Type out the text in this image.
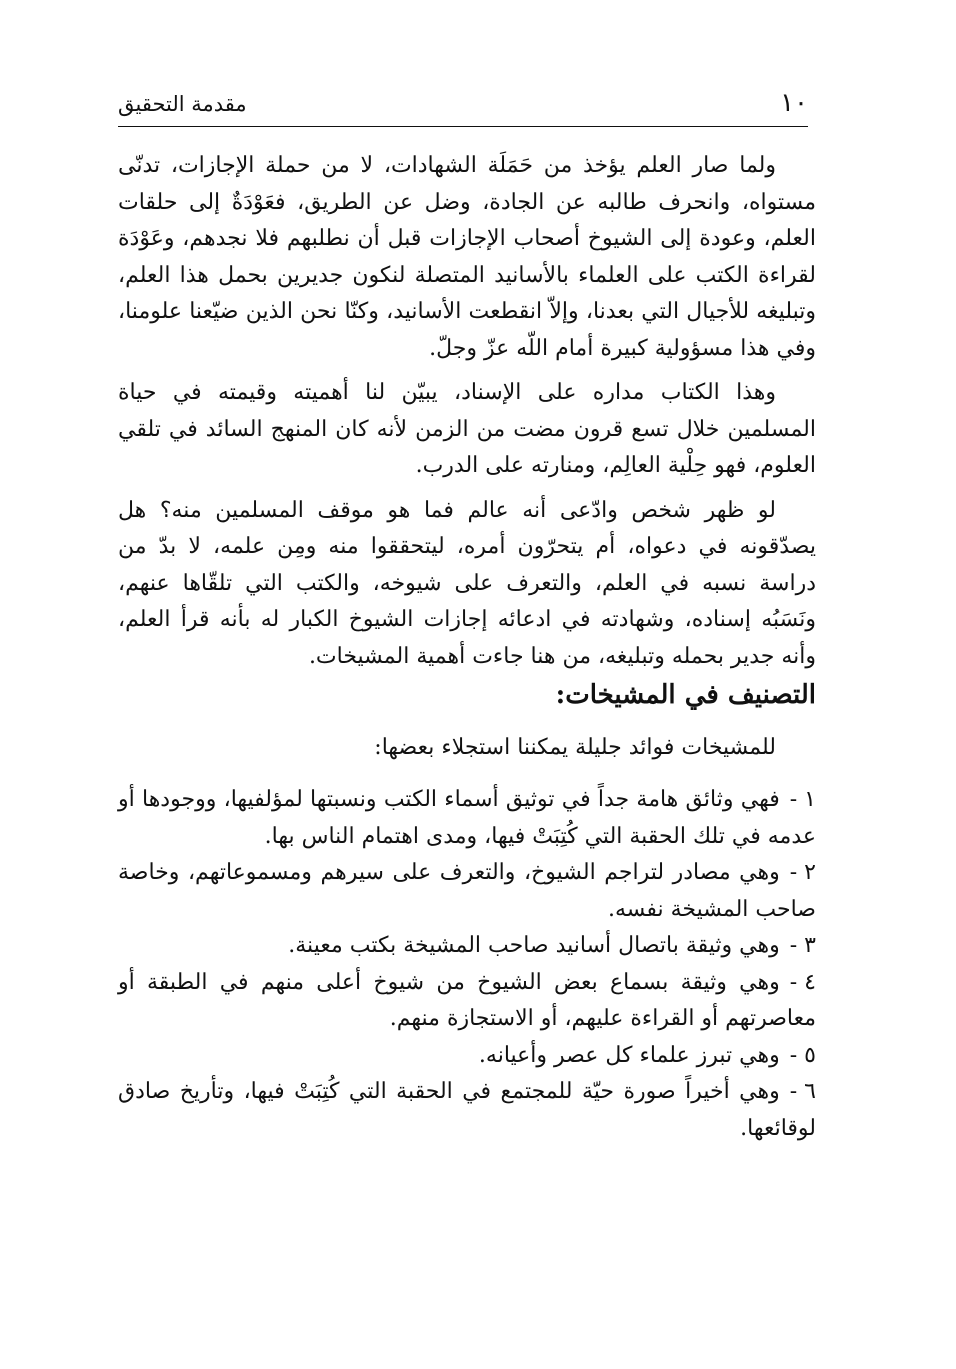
١٠
مقدمة التحقيق

ولما صار العلم يؤخذ من حَمَلَة الشهادات، لا من حملة الإجازات، تدنّى مستواه، وانحرف طالبه عن الجادة، وضل عن الطريق، فعَوْدَةٌ إلى حلقات العلم، وعودة إلى الشيوخ أصحاب الإجازات قبل أن نطلبهم فلا نجدهم، وعَوْدَة لقراءة الكتب على العلماء بالأسانيد المتصلة لنكون جديرين بحمل هذا العلم، وتبليغه للأجيال التي بعدنا، وإلاّ انقطعت الأسانيد، وكنّا نحن الذين ضيّعنا علومنا، وفي هذا مسؤولية كبيرة أمام اللّه عزّ وجلّ.

وهذا الكتاب مداره على الإسناد، يبيّن لنا أهميته وقيمته في حياة المسلمين خلال تسع قرون مضت من الزمن لأنه كان المنهج السائد في تلقي العلوم، فهو حِلْية العالِم، ومنارته على الدرب.

لو ظهر شخص وادّعى أنه عالم فما هو موقف المسلمين منه؟ هل يصدّقونه في دعواه، أم يتحرّون أمره، ليتحققوا منه ومِن علمه، لا بدّ من دراسة نسبه في العلم، والتعرف على شيوخه، والكتب التي تلقّاها عنهم، ونَسَبُه إسناده، وشهادته في ادعائه إجازات الشيوخ الكبار له بأنه قرأ العلم، وأنه جدير بحمله وتبليغه، من هنا جاءت أهمية المشيخات.

التصنيف في المشيخات:

للمشيخات فوائد جليلة يمكننا استجلاء بعضها:

١ -فهي وثائق هامة جداً في توثيق أسماء الكتب ونسبتها لمؤلفيها، ووجودها أو عدمه في تلك الحقبة التي كُتِبَتْ فيها، ومدى اهتمام الناس بها.

٢ -وهي مصادر لتراجم الشيوخ، والتعرف على سيرهم ومسموعاتهم، وخاصة صاحب المشيخة نفسه.

٣ -وهي وثيقة باتصال أسانيد صاحب المشيخة بكتب معينة.

٤ -وهي وثيقة بسماع بعض الشيوخ من شيوخ أعلى منهم في الطبقة أو معاصرتهم أو القراءة عليهم، أو الاستجازة منهم.

٥ -وهي تبرز علماء كل عصر وأعيانه.

٦ -وهي أخيراً صورة حيّة للمجتمع في الحقبة التي كُتِبَتْ فيها، وتأريخ صادق لوقائعها.
